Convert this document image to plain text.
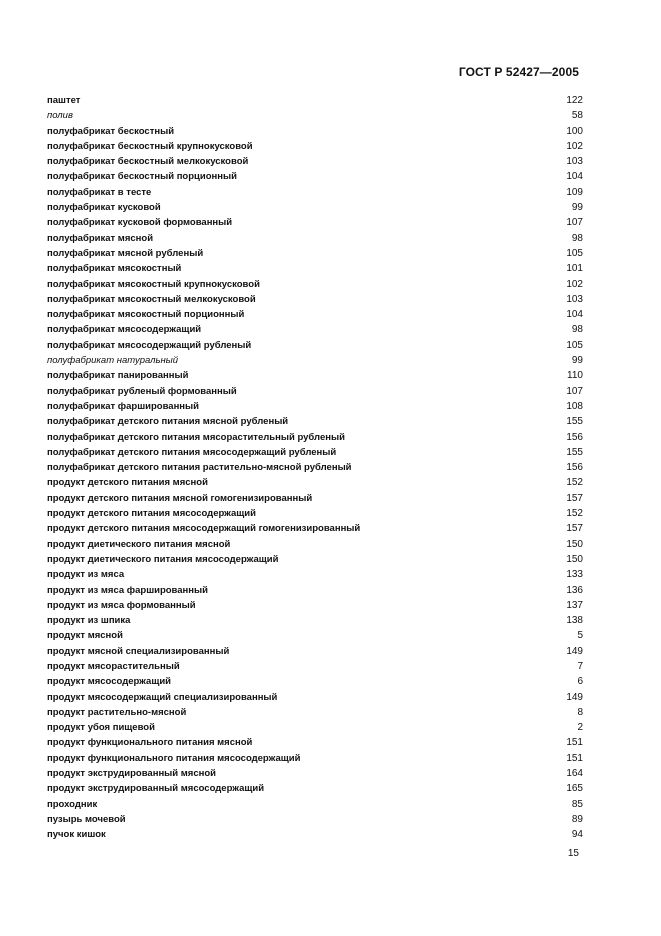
ГОСТ Р 52427—2005
паштет	122
полив	58
полуфабрикат бескостный	100
полуфабрикат бескостный крупнокусковой	102
полуфабрикат бескостный мелкокусковой	103
полуфабрикат бескостный порционный	104
полуфабрикат в тесте	109
полуфабрикат кусковой	99
полуфабрикат кусковой формованный	107
полуфабрикат мясной	98
полуфабрикат мясной рубленый	105
полуфабрикат мясокостный	101
полуфабрикат мясокостный крупнокусковой	102
полуфабрикат мясокостный мелкокусковой	103
полуфабрикат мясокостный порционный	104
полуфабрикат мясосодержащий	98
полуфабрикат мясосодержащий рубленый	105
полуфабрикат натуральный	99
полуфабрикат панированный	110
полуфабрикат рубленый формованный	107
полуфабрикат фаршированный	108
полуфабрикат детского питания мясной рубленый	155
полуфабрикат детского питания мясорастительный рубленый	156
полуфабрикат детского питания мясосодержащий рубленый	155
полуфабрикат детского питания растительно-мясной рубленый	156
продукт детского питания мясной	152
продукт детского питания мясной гомогенизированный	157
продукт детского питания мясосодержащий	152
продукт детского питания мясосодержащий гомогенизированный	157
продукт диетического питания мясной	150
продукт диетического питания мясосодержащий	150
продукт из мяса	133
продукт из мяса фаршированный	136
продукт из мяса формованный	137
продукт из шпика	138
продукт мясной	5
продукт мясной специализированный	149
продукт мясорастительный	7
продукт мясосодержащий	6
продукт мясосодержащий специализированный	149
продукт растительно-мясной	8
продукт убоя пищевой	2
продукт функционального питания мясной	151
продукт функционального питания мясосодержащий	151
продукт экструдированный мясной	164
продукт экструдированный мясосодержащий	165
проходник	85
пузырь мочевой	89
пучок кишок	94
15
